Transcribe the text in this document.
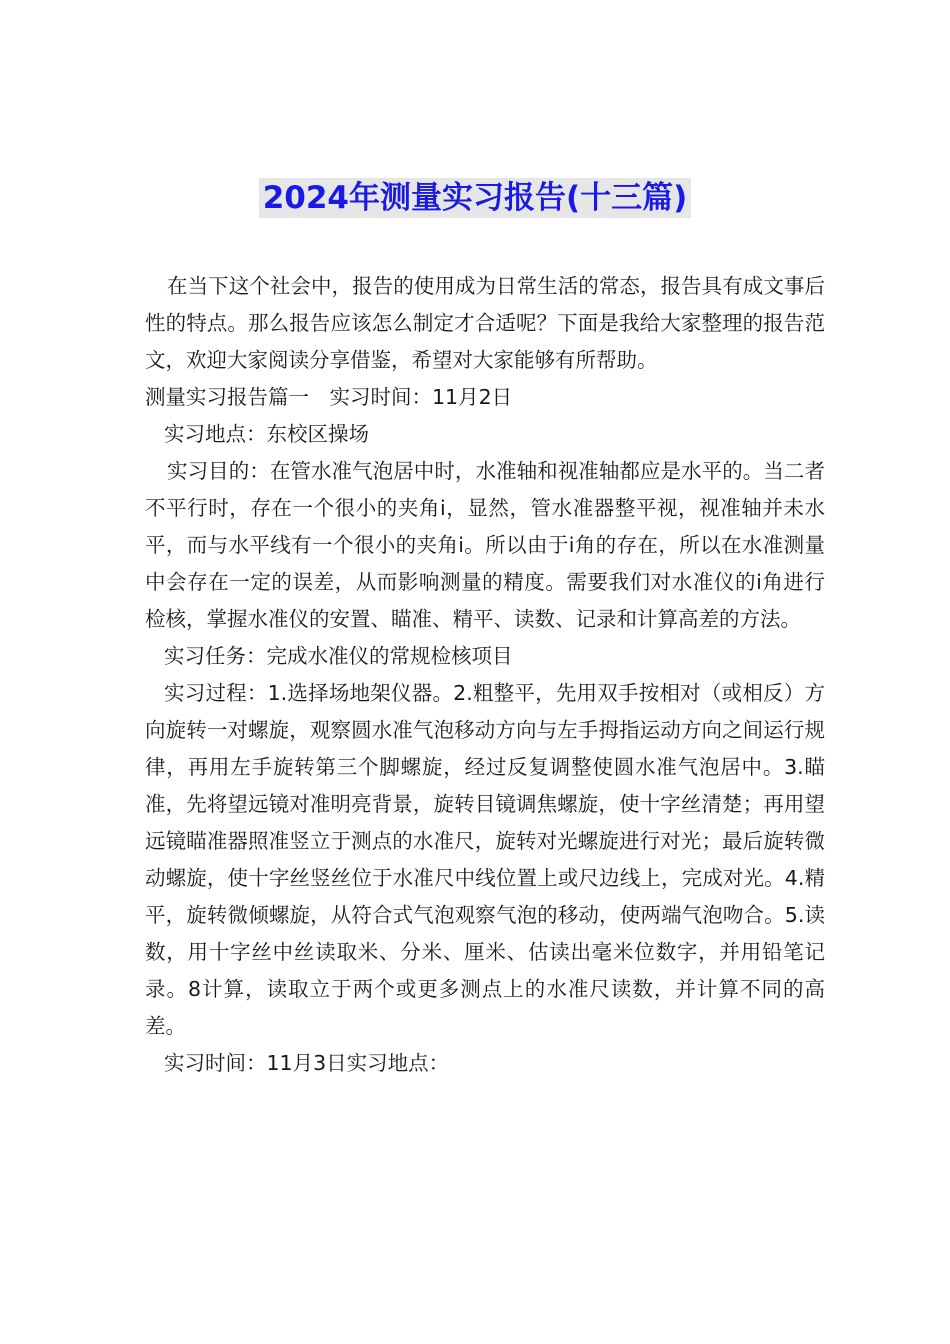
2024年测量实习报告(十三篇)

在当下这个社会中，报告的使用成为日常生活的常态，报告具有成文事后性的特点。那么报告应该怎么制定才合适呢？下面是我给大家整理的报告范文，欢迎大家阅读分享借鉴，希望对大家能够有所帮助。

测量实习报告篇一　实习时间：11月2日

实习地点：东校区操场

实习目的：在管水准气泡居中时，水准轴和视准轴都应是水平的。当二者不平行时，存在一个很小的夹角i，显然，管水准器整平视，视准轴并未水平，而与水平线有一个很小的夹角i。所以由于i角的存在，所以在水准测量中会存在一定的误差，从而影响测量的精度。需要我们对水准仪的i角进行检核，掌握水准仪的安置、瞄准、精平、读数、记录和计算高差的方法。

实习任务：完成水准仪的常规检核项目

实习过程：1.选择场地架仪器。2.粗整平，先用双手按相对（或相反）方向旋转一对螺旋，观察圆水准气泡移动方向与左手拇指运动方向之间运行规律，再用左手旋转第三个脚螺旋，经过反复调整使圆水准气泡居中。3.瞄准，先将望远镜对准明亮背景，旋转目镜调焦螺旋，使十字丝清楚；再用望远镜瞄准器照准竖立于测点的水准尺，旋转对光螺旋进行对光；最后旋转微动螺旋，使十字丝竖丝位于水准尺中线位置上或尺边线上，完成对光。4.精平，旋转微倾螺旋，从符合式气泡观察气泡的移动，使两端气泡吻合。5.读数，用十字丝中丝读取米、分米、厘米、估读出毫米位数字，并用铅笔记录。8计算，读取立于两个或更多测点上的水准尺读数，并计算不同的高差。

实习时间：11月3日实习地点：
